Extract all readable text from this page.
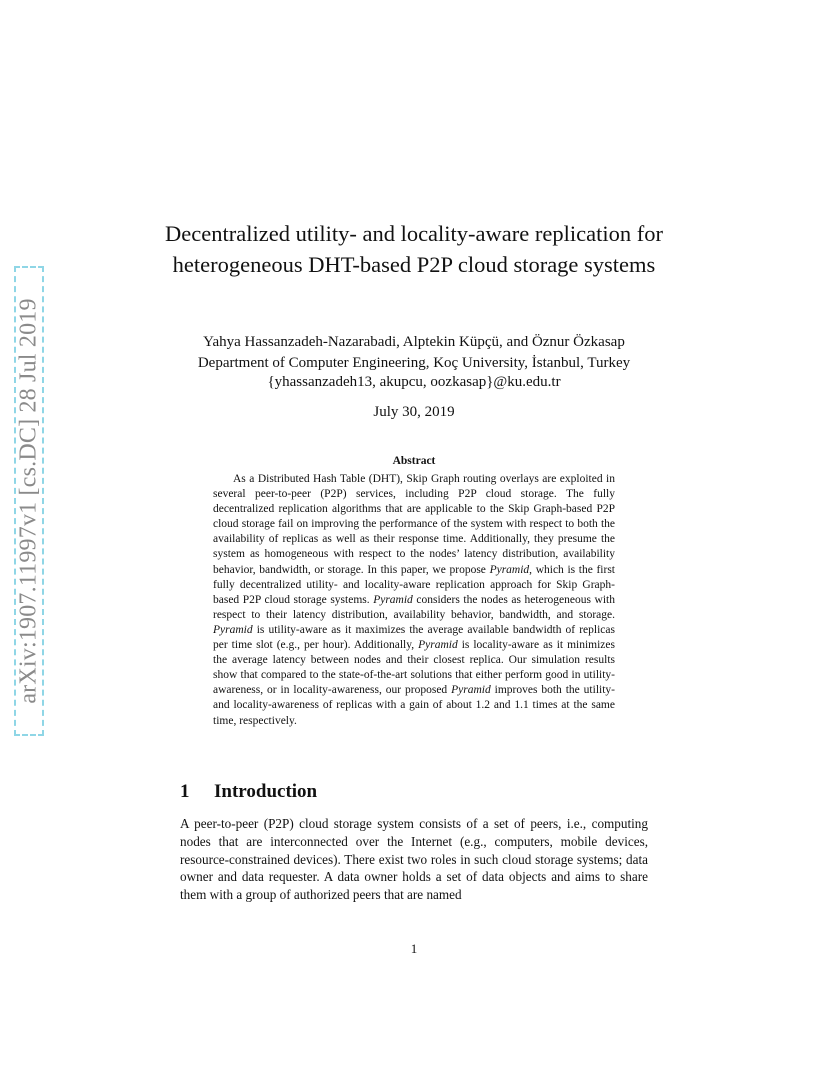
arXiv:1907.11997v1 [cs.DC] 28 Jul 2019
Decentralized utility- and locality-aware replication for heterogeneous DHT-based P2P cloud storage systems
Yahya Hassanzadeh-Nazarabadi, Alptekin Küpçü, and Öznur Özkasap
Department of Computer Engineering, Koç University, İstanbul, Turkey
{yhassanzadeh13, akupcu, oozkasap}@ku.edu.tr
July 30, 2019
Abstract

As a Distributed Hash Table (DHT), Skip Graph routing overlays are exploited in several peer-to-peer (P2P) services, including P2P cloud storage. The fully decentralized replication algorithms that are applicable to the Skip Graph-based P2P cloud storage fail on improving the performance of the system with respect to both the availability of replicas as well as their response time. Additionally, they presume the system as homogeneous with respect to the nodes’ latency distribution, availability behavior, bandwidth, or storage. In this paper, we propose Pyramid, which is the first fully decentralized utility- and locality-aware replication approach for Skip Graph-based P2P cloud storage systems. Pyramid considers the nodes as heterogeneous with respect to their latency distribution, availability behavior, bandwidth, and storage. Pyramid is utility-aware as it maximizes the average available bandwidth of replicas per time slot (e.g., per hour). Additionally, Pyramid is locality-aware as it minimizes the average latency between nodes and their closest replica. Our simulation results show that compared to the state-of-the-art solutions that either perform good in utility-awareness, or in locality-awareness, our proposed Pyramid improves both the utility- and locality-awareness of replicas with a gain of about 1.2 and 1.1 times at the same time, respectively.

1 Introduction

A peer-to-peer (P2P) cloud storage system consists of a set of peers, i.e., computing nodes that are interconnected over the Internet (e.g., computers, mobile devices, resource-constrained devices). There exist two roles in such cloud storage systems; data owner and data requester. A data owner holds a set of data objects and aims to share them with a group of authorized peers that are named

1
